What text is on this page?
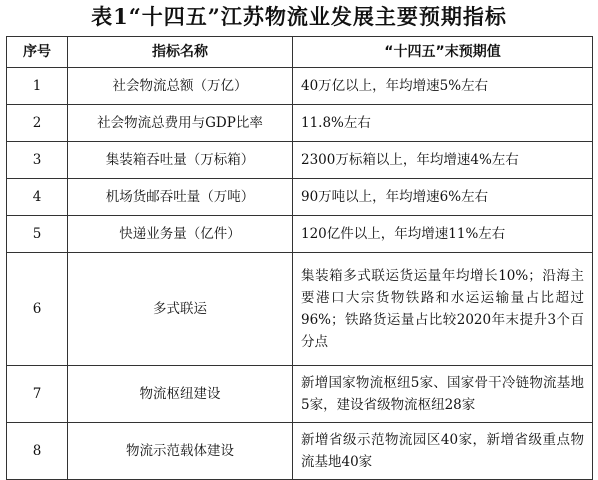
表1“十四五”江苏物流业发展主要预期指标
序号	指标名称	“十四五”末预期值
1	社会物流总额（万亿）	40万亿以上，年均增速5%左右
2	社会物流总费用与GDP比率	11.8%左右
3	集装箱吞吐量（万标箱）	2300万标箱以上，年均增速4%左右
4	机场货邮吞吐量（万吨）	90万吨以上，年均增速6%左右
5	快递业务量（亿件）	120亿件以上，年均增速11%左右
6	多式联运	集装箱多式联运货运量年均增长10%；沿海主要港口大宗货物铁路和水运运输量占比超过96%；铁路货运量占比较2020年末提升3个百分点
7	物流枢纽建设	新增国家物流枢纽5家、国家骨干冷链物流基地5家，建设省级物流枢纽28家
8	物流示范载体建设	新增省级示范物流园区40家，新增省级重点物流基地40家
